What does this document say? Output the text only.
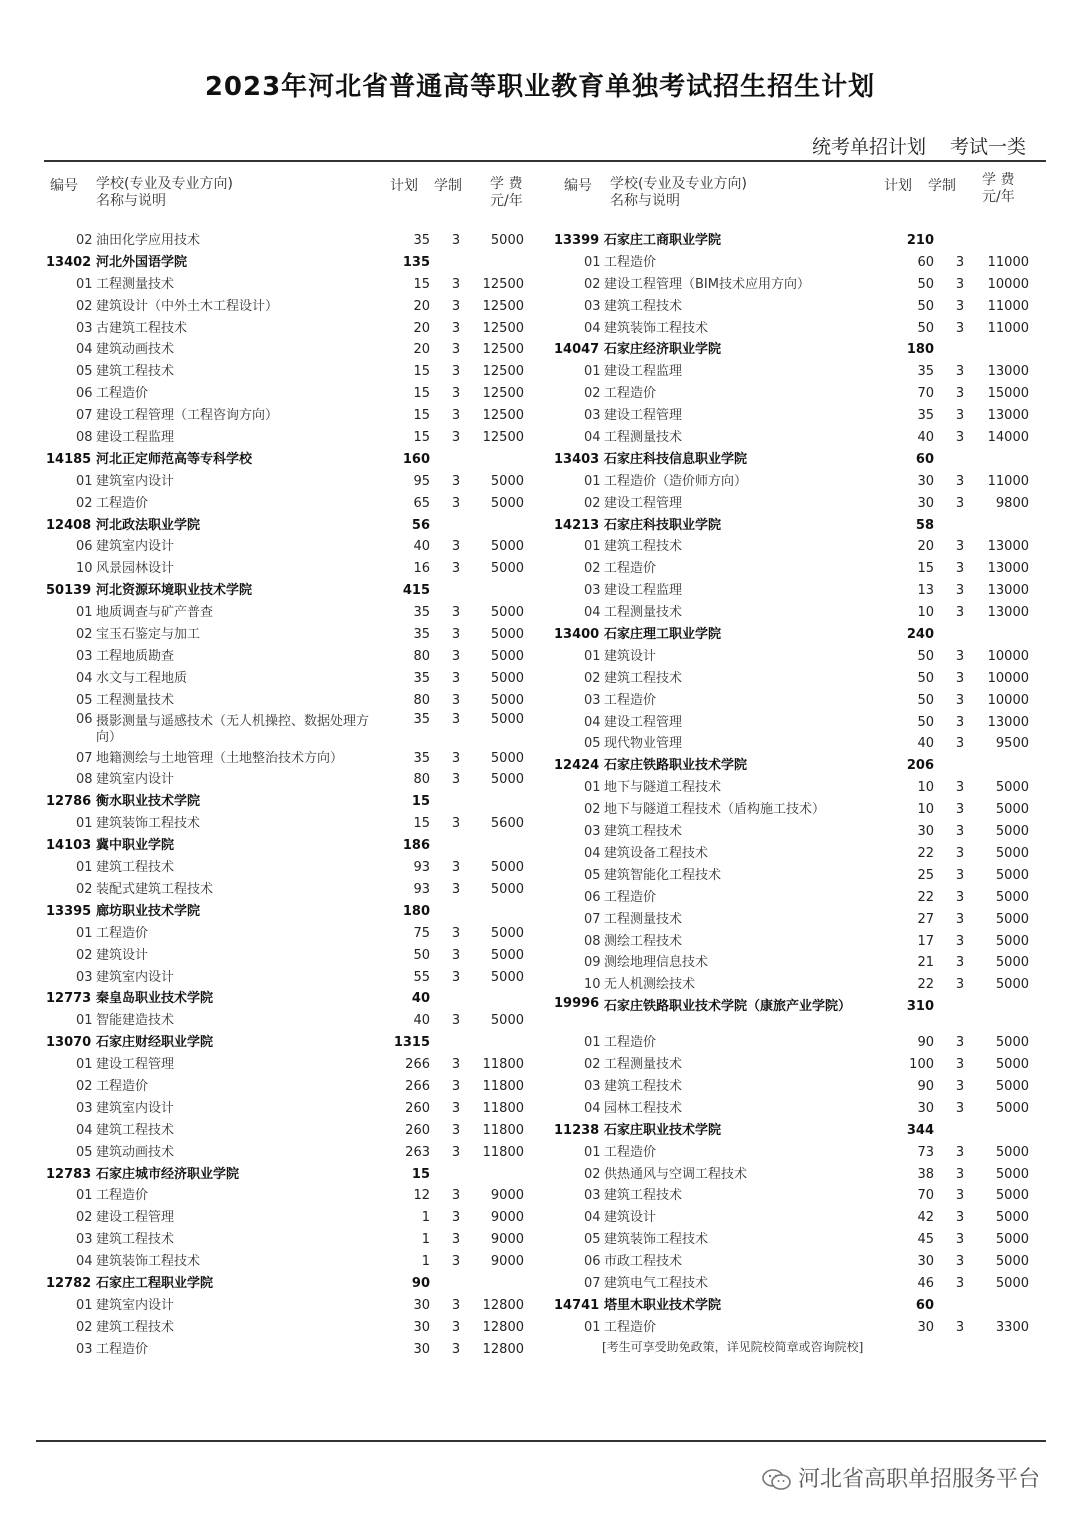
2023年河北省普通高等职业教育单独考试招生招生计划
统考单招计划 考试一类
编号 学校(专业及专业方向)
名称与说明
计划 学制 学 费
元/年
02 油田化学应用技术	35	3	5000
13402 河北外国语学院	135
01 工程测量技术	15	3	12500
02 建筑设计（中外土木工程设计）	20	3	12500
03 古建筑工程技术	20	3	12500
04 建筑动画技术	20	3	12500
05 建筑工程技术	15	3	12500
06 工程造价	15	3	12500
07 建设工程管理（工程咨询方向）	15	3	12500
08 建设工程监理	15	3	12500
14185 河北正定师范高等专科学校	160
01 建筑室内设计	95	3	5000
02 工程造价	65	3	5000
12408 河北政法职业学院	56
06 建筑室内设计	40	3	5000
10 风景园林设计	16	3	5000
50139 河北资源环境职业技术学院	415
01 地质调查与矿产普查	35	3	5000
02 宝玉石鉴定与加工	35	3	5000
03 工程地质勘查	80	3	5000
04 水文与工程地质	35	3	5000
05 工程测量技术	80	3	5000
06 摄影测量与遥感技术（无人机操控、数据处理方向）
35	3	5000
07 地籍测绘与土地管理（土地整治技术方向）	35	3	5000
08 建筑室内设计	80	3	5000
12786 衡水职业技术学院	15
01 建筑装饰工程技术	15	3	5600
14103 冀中职业学院	186
01 建筑工程技术	93	3	5000
02 装配式建筑工程技术	93	3	5000
13395 廊坊职业技术学院	180
01 工程造价	75	3	5000
02 建筑设计	50	3	5000
03 建筑室内设计	55	3	5000
12773 秦皇岛职业技术学院	40
01 智能建造技术	40	3	5000
13070 石家庄财经职业学院	1315
01 建设工程管理	266	3	11800
02 工程造价	266	3	11800
03 建筑室内设计	260	3	11800
04 建筑工程技术	260	3	11800
05 建筑动画技术	263	3	11800
12783 石家庄城市经济职业学院	15
01 工程造价	12	3	9000
02 建设工程管理	1	3	9000
03 建筑工程技术	1	3	9000
04 建筑装饰工程技术	1	3	9000
12782 石家庄工程职业学院	90
01 建筑室内设计	30	3	12800
02 建筑工程技术	30	3	12800
03 工程造价	30	3	12800
编号 学校(专业及专业方向)
名称与说明
计划 学制 学 费
元/年
13399 石家庄工商职业学院	210
01 工程造价	60	3	11000
02 建设工程管理（BIM技术应用方向）	50	3	10000
03 建筑工程技术	50	3	11000
04 建筑装饰工程技术	50	3	11000
14047 石家庄经济职业学院	180
01 建设工程监理	35	3	13000
02 工程造价	70	3	15000
03 建设工程管理	35	3	13000
04 工程测量技术	40	3	14000
13403 石家庄科技信息职业学院	60
01 工程造价（造价师方向）	30	3	11000
02 建设工程管理	30	3	9800
14213 石家庄科技职业学院	58
01 建筑工程技术	20	3	13000
02 工程造价	15	3	13000
03 建设工程监理	13	3	13000
04 工程测量技术	10	3	13000
13400 石家庄理工职业学院	240
01 建筑设计	50	3	10000
02 建筑工程技术	50	3	10000
03 工程造价	50	3	10000
04 建设工程管理	50	3	13000
05 现代物业管理	40	3	9500
12424 石家庄铁路职业技术学院	206
01 地下与隧道工程技术	10	3	5000
02 地下与隧道工程技术（盾构施工技术）	10	3	5000
03 建筑工程技术	30	3	5000
04 建筑设备工程技术	22	3	5000
05 建筑智能化工程技术	25	3	5000
06 工程造价	22	3	5000
07 工程测量技术	27	3	5000
08 测绘工程技术	17	3	5000
09 测绘地理信息技术	21	3	5000
10 无人机测绘技术	22	3	5000
19996 石家庄铁路职业技术学院（康旅产业学院）	310
01 工程造价	90	3	5000
02 工程测量技术	100	3	5000
03 建筑工程技术	90	3	5000
04 园林工程技术	30	3	5000
11238 石家庄职业技术学院	344
01 工程造价	73	3	5000
02 供热通风与空调工程技术	38	3	5000
03 建筑工程技术	70	3	5000
04 建筑设计	42	3	5000
05 建筑装饰工程技术	45	3	5000
06 市政工程技术	30	3	5000
07 建筑电气工程技术	46	3	5000
14741 塔里木职业技术学院	60
01 工程造价	30	3	3300
[考生可享受助免政策，详见院校简章或咨询院校]
河北省高职单招服务平台
